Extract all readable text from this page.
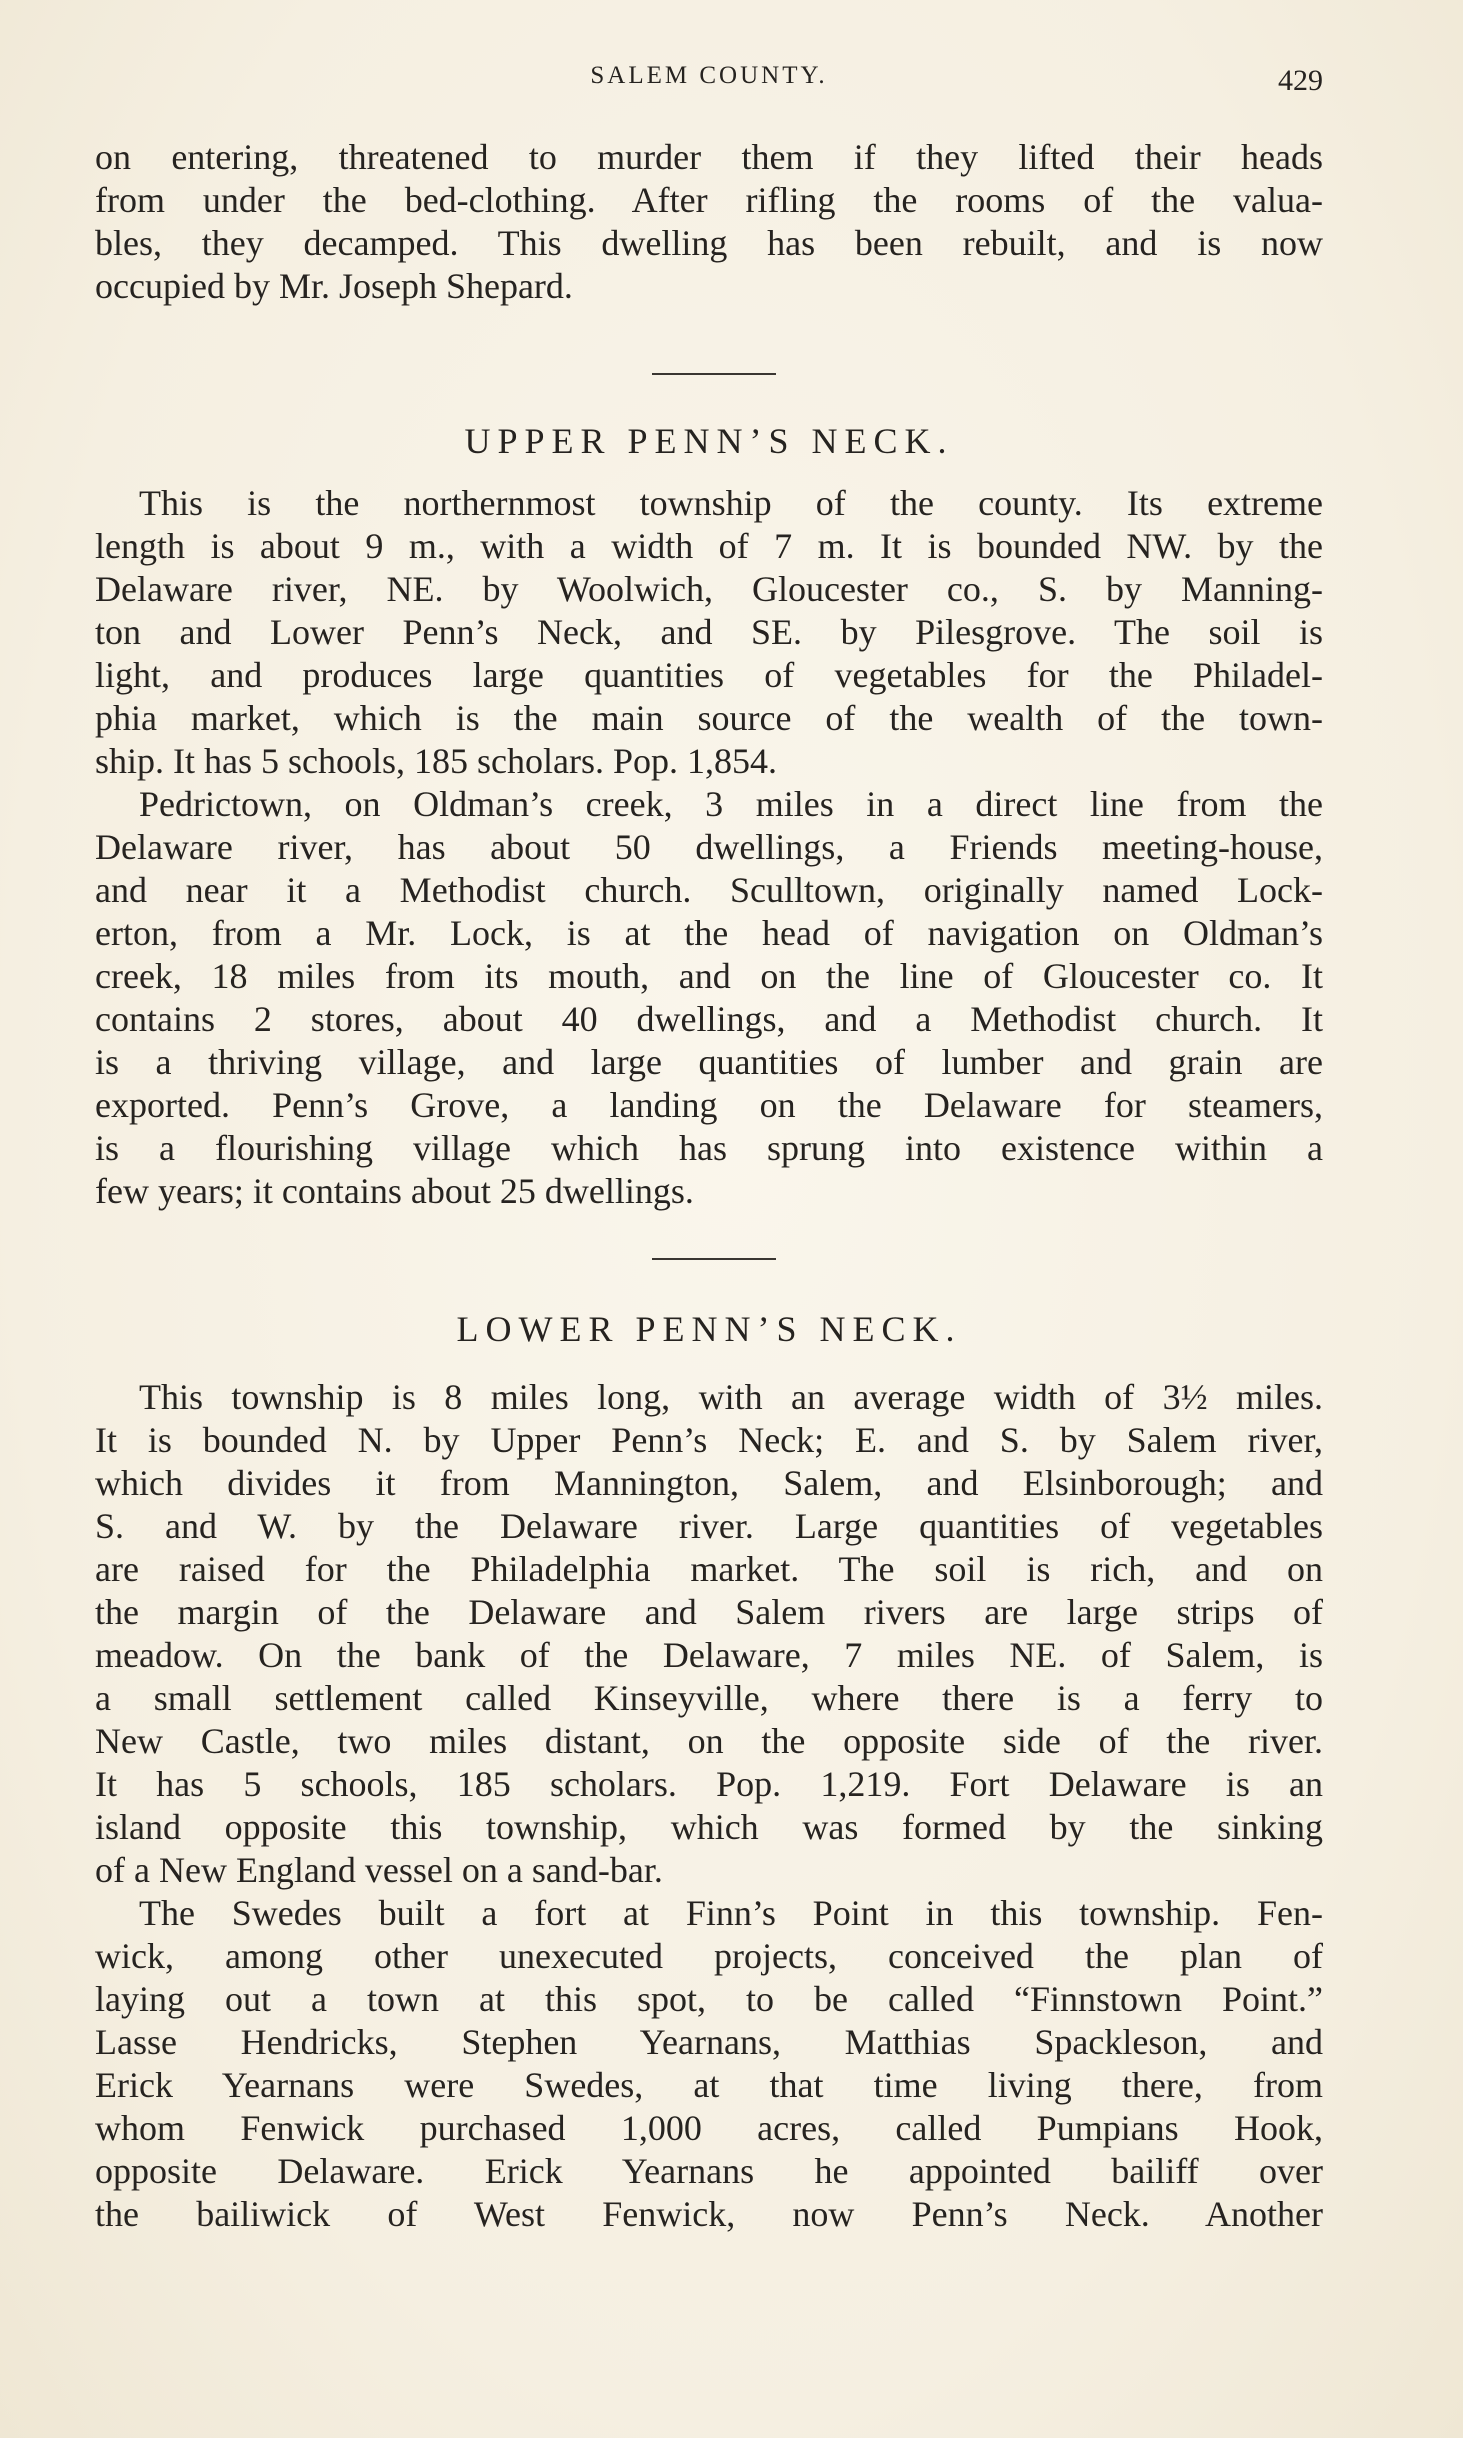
SALEM COUNTY.	429
on entering, threatened to murder them if they lifted their heads
from under the bed-clothing. After rifling the rooms of the valua-
bles, they decamped. This dwelling has been rebuilt, and is now
occupied by Mr. Joseph Shepard.
UPPER PENN’S NECK.
This is the northernmost township of the county. Its extreme
length is about 9 m., with a width of 7 m. It is bounded NW. by the
Delaware river, NE. by Woolwich, Gloucester co., S. by Manning-
ton and Lower Penn’s Neck, and SE. by Pilesgrove. The soil is
light, and produces large quantities of vegetables for the Philadel-
phia market, which is the main source of the wealth of the town-
ship. It has 5 schools, 185 scholars. Pop. 1,854.
Pedrictown, on Oldman’s creek, 3 miles in a direct line from the
Delaware river, has about 50 dwellings, a Friends meeting-house,
and near it a Methodist church. Sculltown, originally named Lock-
erton, from a Mr. Lock, is at the head of navigation on Oldman’s
creek, 18 miles from its mouth, and on the line of Gloucester co. It
contains 2 stores, about 40 dwellings, and a Methodist church. It
is a thriving village, and large quantities of lumber and grain are
exported. Penn’s Grove, a landing on the Delaware for steamers,
is a flourishing village which has sprung into existence within a
few years; it contains about 25 dwellings.
LOWER PENN’S NECK.
This township is 8 miles long, with an average width of 3½ miles.
It is bounded N. by Upper Penn’s Neck; E. and S. by Salem river,
which divides it from Mannington, Salem, and Elsinborough; and
S. and W. by the Delaware river. Large quantities of vegetables
are raised for the Philadelphia market. The soil is rich, and on
the margin of the Delaware and Salem rivers are large strips of
meadow. On the bank of the Delaware, 7 miles NE. of Salem, is
a small settlement called Kinseyville, where there is a ferry to
New Castle, two miles distant, on the opposite side of the river.
It has 5 schools, 185 scholars. Pop. 1,219. Fort Delaware is an
island opposite this township, which was formed by the sinking
of a New England vessel on a sand-bar.
The Swedes built a fort at Finn’s Point in this township. Fen-
wick, among other unexecuted projects, conceived the plan of
laying out a town at this spot, to be called “Finnstown Point.”
Lasse Hendricks, Stephen Yearnans, Matthias Spackleson, and
Erick Yearnans were Swedes, at that time living there, from
whom Fenwick purchased 1,000 acres, called Pumpians Hook,
opposite Delaware. Erick Yearnans he appointed bailiff over
the bailiwick of West Fenwick, now Penn’s Neck. Another
